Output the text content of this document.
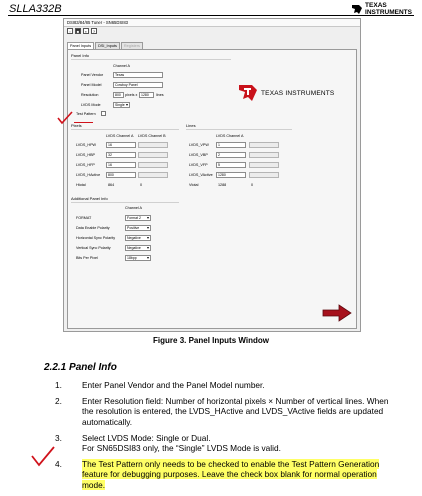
SLLA332B	TEXAS
INSTRUMENTS
DSI83/84/85 Tuner - SN65DSI83
▫	■	▪	?
Panel Inputs	DSI_Inputs	Registers
Panel Info
Channel A
Panel Vendor	Texas
Panel Model	Cowboy Panel
Resolution	800	pixels x	1280	lines
LVDS Mode	Single ▾
Test Pattern
TEXAS INSTRUMENTS
Pixels
LVDS Channel A LVDS Channel B
LVDS_HPW	16
LVDS_HBP	32
LVDS_HFP	16
LVDS_HActive	800
Htotal	864	0
Lines
LVDS Channel A
LVDS_VPW	1
LVDS_VBP	2
LVDS_VFP	5
LVDS_VActive	1280
Vtotal	1288	0
Additional Panel Info
Channel A
FORMAT	Format 2 ▾
Data Enable Polarity	Positive ▾
Horizontal Sync Polarity	Negative ▾
Vertical Sync Polarity	Negative ▾
Bits Per Pixel	18bpp ▾
Figure 3. Panel Inputs Window
2.2.1 Panel Info
1.	Enter Panel Vendor and the Panel Model number.

2.	Enter Resolution field: Number of horizontal pixels × Number of vertical lines. When the resolution is entered, the LVDS_HActive and LVDS_VActive fields are updated automatically.

3.	Select LVDS Mode: Single or Dual.

For SN65DSI83 only, the “Single” LVDS Mode is valid.

4.	The Test Pattern only needs to be checked to enable the Test Pattern Generation feature for debugging purposes. Leave the check box blank for normal operation mode.
